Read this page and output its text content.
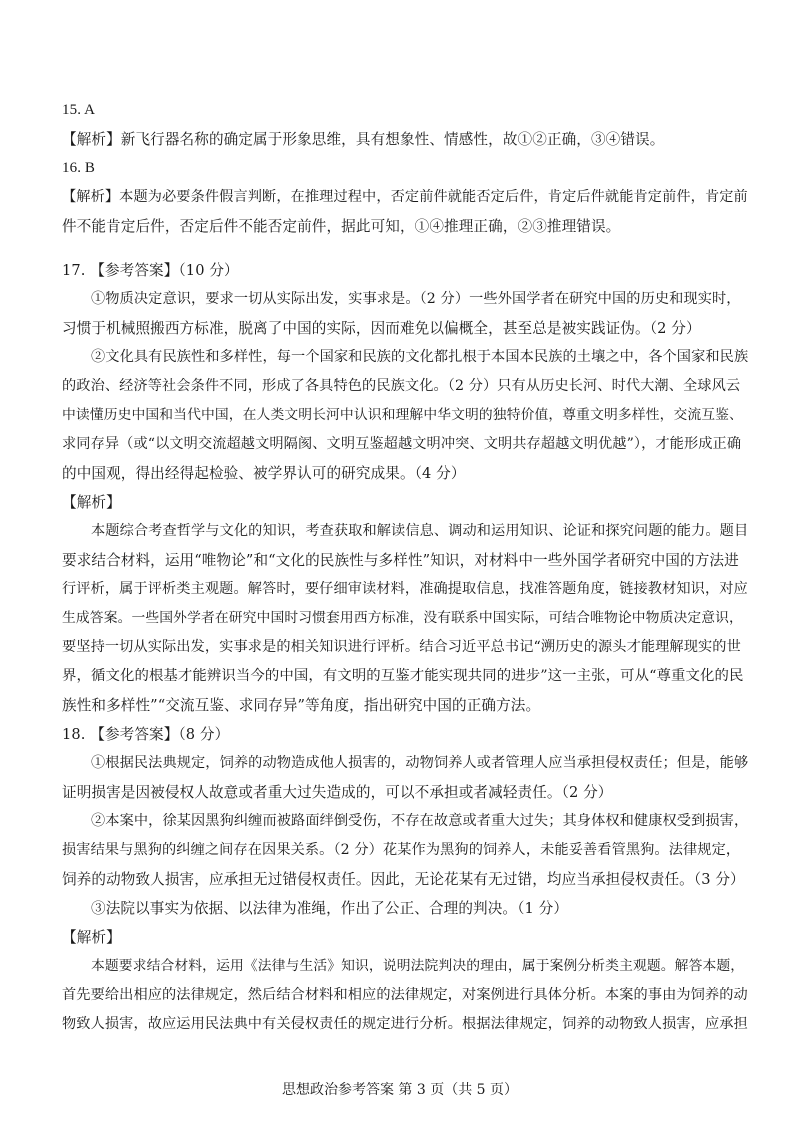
15. A
【解析】新飞行器名称的确定属于形象思维，具有想象性、情感性，故①②正确，③④错误。
16. B
【解析】本题为必要条件假言判断，在推理过程中，否定前件就能否定后件，肯定后件就能肯定前件，肯定前
件不能肯定后件，否定后件不能否定前件，据此可知，①④推理正确，②③推理错误。
17. 【参考答案】（10 分）
①物质决定意识，要求一切从实际出发，实事求是。（2 分）一些外国学者在研究中国的历史和现实时，
习惯于机械照搬西方标准，脱离了中国的实际，因而难免以偏概全，甚至总是被实践证伪。（2 分）
②文化具有民族性和多样性，每一个国家和民族的文化都扎根于本国本民族的土壤之中，各个国家和民族
的政治、经济等社会条件不同，形成了各具特色的民族文化。（2 分）只有从历史长河、时代大潮、全球风云
中读懂历史中国和当代中国，在人类文明长河中认识和理解中华文明的独特价值，尊重文明多样性，交流互鉴、
求同存异（或“以文明交流超越文明隔阂、文明互鉴超越文明冲突、文明共存超越文明优越”），才能形成正确
的中国观，得出经得起检验、被学界认可的研究成果。（4 分）
【解析】
本题综合考查哲学与文化的知识，考查获取和解读信息、调动和运用知识、论证和探究问题的能力。题目
要求结合材料，运用“唯物论”和“文化的民族性与多样性”知识，对材料中一些外国学者研究中国的方法进
行评析，属于评析类主观题。解答时，要仔细审读材料，准确提取信息，找准答题角度，链接教材知识，对应
生成答案。一些国外学者在研究中国时习惯套用西方标准，没有联系中国实际，可结合唯物论中物质决定意识，
要坚持一切从实际出发，实事求是的相关知识进行评析。结合习近平总书记“溯历史的源头才能理解现实的世
界，循文化的根基才能辨识当今的中国，有文明的互鉴才能实现共同的进步”这一主张，可从“尊重文化的民
族性和多样性”“交流互鉴、求同存异”等角度，指出研究中国的正确方法。
18. 【参考答案】（8 分）
①根据民法典规定，饲养的动物造成他人损害的，动物饲养人或者管理人应当承担侵权责任；但是，能够
证明损害是因被侵权人故意或者重大过失造成的，可以不承担或者减轻责任。（2 分）
②本案中，徐某因黑狗纠缠而被路面绊倒受伤，不存在故意或者重大过失；其身体权和健康权受到损害，
损害结果与黑狗的纠缠之间存在因果关系。（2 分）花某作为黑狗的饲养人，未能妥善看管黑狗。法律规定，
饲养的动物致人损害，应承担无过错侵权责任。因此，无论花某有无过错，均应当承担侵权责任。（3 分）
③法院以事实为依据、以法律为准绳，作出了公正、合理的判决。（1 分）
【解析】
本题要求结合材料，运用《法律与生活》知识，说明法院判决的理由，属于案例分析类主观题。解答本题，
首先要给出相应的法律规定，然后结合材料和相应的法律规定，对案例进行具体分析。本案的事由为饲养的动
物致人损害，故应运用民法典中有关侵权责任的规定进行分析。根据法律规定，饲养的动物致人损害，应承担
思想政治参考答案 第 3 页（共 5 页）
